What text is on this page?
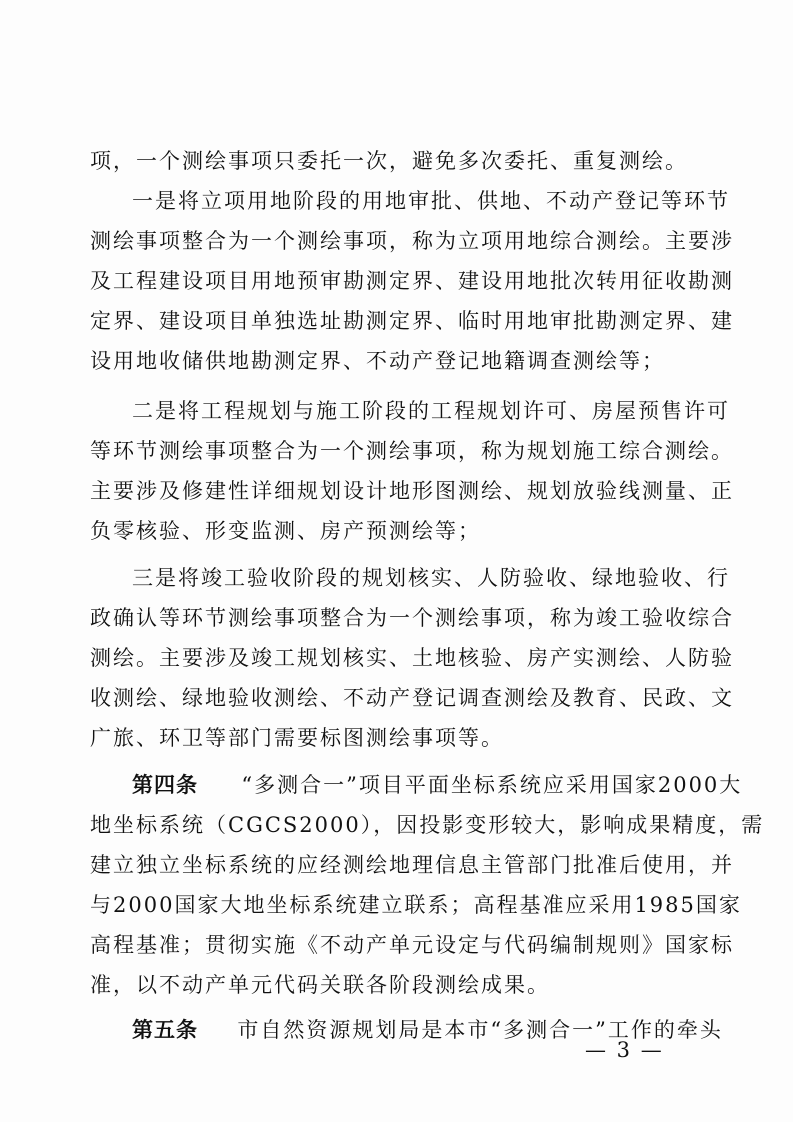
项，一个测绘事项只委托一次，避免多次委托、重复测绘。
一是将立项用地阶段的用地审批、供地、不动产登记等环节
测绘事项整合为一个测绘事项，称为立项用地综合测绘。主要涉
及工程建设项目用地预审勘测定界、建设用地批次转用征收勘测
定界、建设项目单独选址勘测定界、临时用地审批勘测定界、建
设用地收储供地勘测定界、不动产登记地籍调查测绘等；
二是将工程规划与施工阶段的工程规划许可、房屋预售许可
等环节测绘事项整合为一个测绘事项，称为规划施工综合测绘。
主要涉及修建性详细规划设计地形图测绘、规划放验线测量、正
负零核验、形变监测、房产预测绘等；
三是将竣工验收阶段的规划核实、人防验收、绿地验收、行
政确认等环节测绘事项整合为一个测绘事项，称为竣工验收综合
测绘。主要涉及竣工规划核实、土地核验、房产实测绘、人防验
收测绘、绿地验收测绘、不动产登记调查测绘及教育、民政、文
广旅、环卫等部门需要标图测绘事项等。
第四条 “多测合一”项目平面坐标系统应采用国家2000大
地坐标系统（CGCS2000），因投影变形较大，影响成果精度，需
建立独立坐标系统的应经测绘地理信息主管部门批准后使用，并
与2000国家大地坐标系统建立联系；高程基准应采用1985国家
高程基准；贯彻实施《不动产单元设定与代码编制规则》国家标
准，以不动产单元代码关联各阶段测绘成果。
第五条 市自然资源规划局是本市“多测合一”工作的牵头
— 3 —
